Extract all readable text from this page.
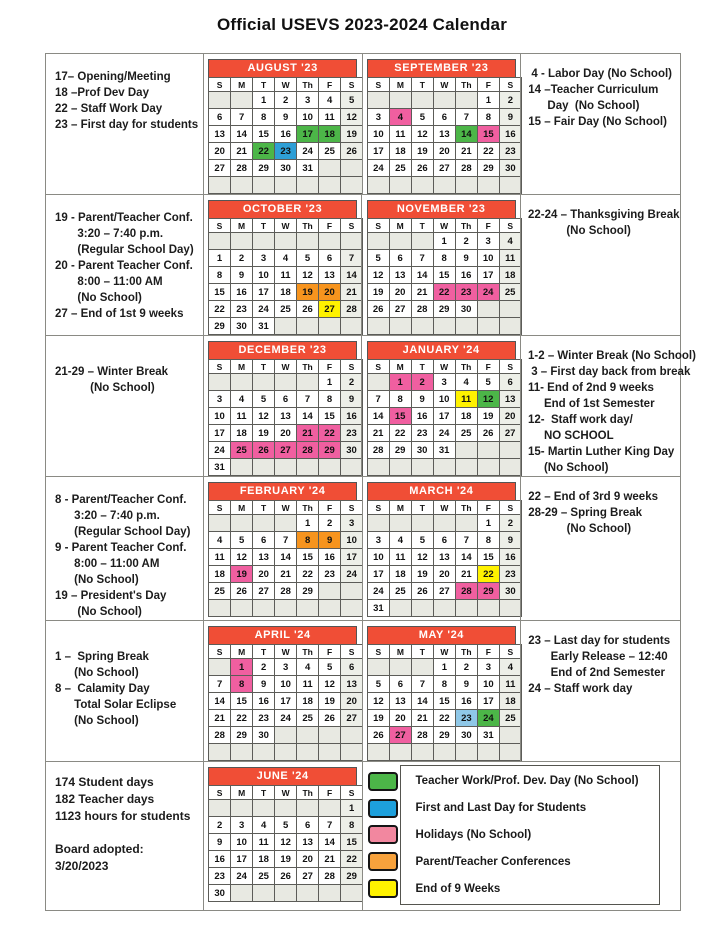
Official USEVS 2023-2024 Calendar
17– Opening/Meeting
18 –Prof Dev Day
22 – Staff Work Day
23 – First day for students
AUGUST '23
S	M	T	W	Th	F	S
		1	2	3	4	5
6	7	8	9	10	11	12
13	14	15	16	17	18	19
20	21	22	23	24	25	26
27	28	29	30	31		

SEPTEMBER '23
S	M	T	W	Th	F	S
					1	2
3	4	5	6	7	8	9
10	11	12	13	14	15	16
17	18	19	20	21	22	23
24	25	26	27	28	29	30

4 - Labor Day (No School)
14 –Teacher Curriculum
Day  (No School)
15 – Fair Day (No School)
19 - Parent/Teacher Conf.
3:20 – 7:40 p.m.
(Regular School Day)
20 - Parent Teacher Conf.
8:00 – 11:00 AM
(No School)
27 – End of 1st 9 weeks
OCTOBER '23
S	M	T	W	Th	F	S

1	2	3	4	5	6	7
8	9	10	11	12	13	14
15	16	17	18	19	20	21
22	23	24	25	26	27	28
29	30	31				
NOVEMBER '23
S	M	T	W	Th	F	S
			1	2	3	4
5	6	7	8	9	10	11
12	13	14	15	16	17	18
19	20	21	22	23	24	25
26	27	28	29	30		

22-24 – Thanksgiving Break
(No School)
21-29 – Winter Break
(No School)
DECEMBER '23
S	M	T	W	Th	F	S
					1	2
3	4	5	6	7	8	9
10	11	12	13	14	15	16
17	18	19	20	21	22	23
24	25	26	27	28	29	30
31						
JANUARY '24
S	M	T	W	Th	F	S
	1	2	3	4	5	6
7	8	9	10	11	12	13
14	15	16	17	18	19	20
21	22	23	24	25	26	27
28	29	30	31			

1-2 – Winter Break (No School)
3 – First day back from break
11- End of 2nd 9 weeks
End of 1st Semester
12-  Staff work day/
NO SCHOOL
15- Martin Luther King Day
(No School)
8 - Parent/Teacher Conf.
3:20 – 7:40 p.m.
(Regular School Day)
9 - Parent Teacher Conf.
8:00 – 11:00 AM
(No School)
19 – President's Day
(No School)
FEBRUARY '24
S	M	T	W	Th	F	S
				1	2	3
4	5	6	7	8	9	10
11	12	13	14	15	16	17
18	19	20	21	22	23	24
25	26	27	28	29		

MARCH '24
S	M	T	W	Th	F	S
					1	2
3	4	5	6	7	8	9
10	11	12	13	14	15	16
17	18	19	20	21	22	23
24	25	26	27	28	29	30
31						
22 – End of 3rd 9 weeks
28-29 – Spring Break
(No School)
1 –  Spring Break
(No School)
8 –  Calamity Day
Total Solar Eclipse
(No School)
APRIL '24
S	M	T	W	Th	F	S
	1	2	3	4	5	6
7	8	9	10	11	12	13
14	15	16	17	18	19	20
21	22	23	24	25	26	27
28	29	30				

MAY '24
S	M	T	W	Th	F	S
			1	2	3	4
5	6	7	8	9	10	11
12	13	14	15	16	17	18
19	20	21	22	23	24	25
26	27	28	29	30	31	

23 – Last day for students
Early Release – 12:40
End of 2nd Semester
24 – Staff work day
174 Student days
182 Teacher days
1123 hours for students
Board adopted:
3/20/2023
JUNE '24
S	M	T	W	Th	F	S
						1
2	3	4	5	6	7	8
9	10	11	12	13	14	15
16	17	18	19	20	21	22
23	24	25	26	27	28	29
30						
Teacher Work/Prof. Dev. Day (No School)
First and Last Day for Students
Holidays (No School)
Parent/Teacher Conferences
End of 9 Weeks
